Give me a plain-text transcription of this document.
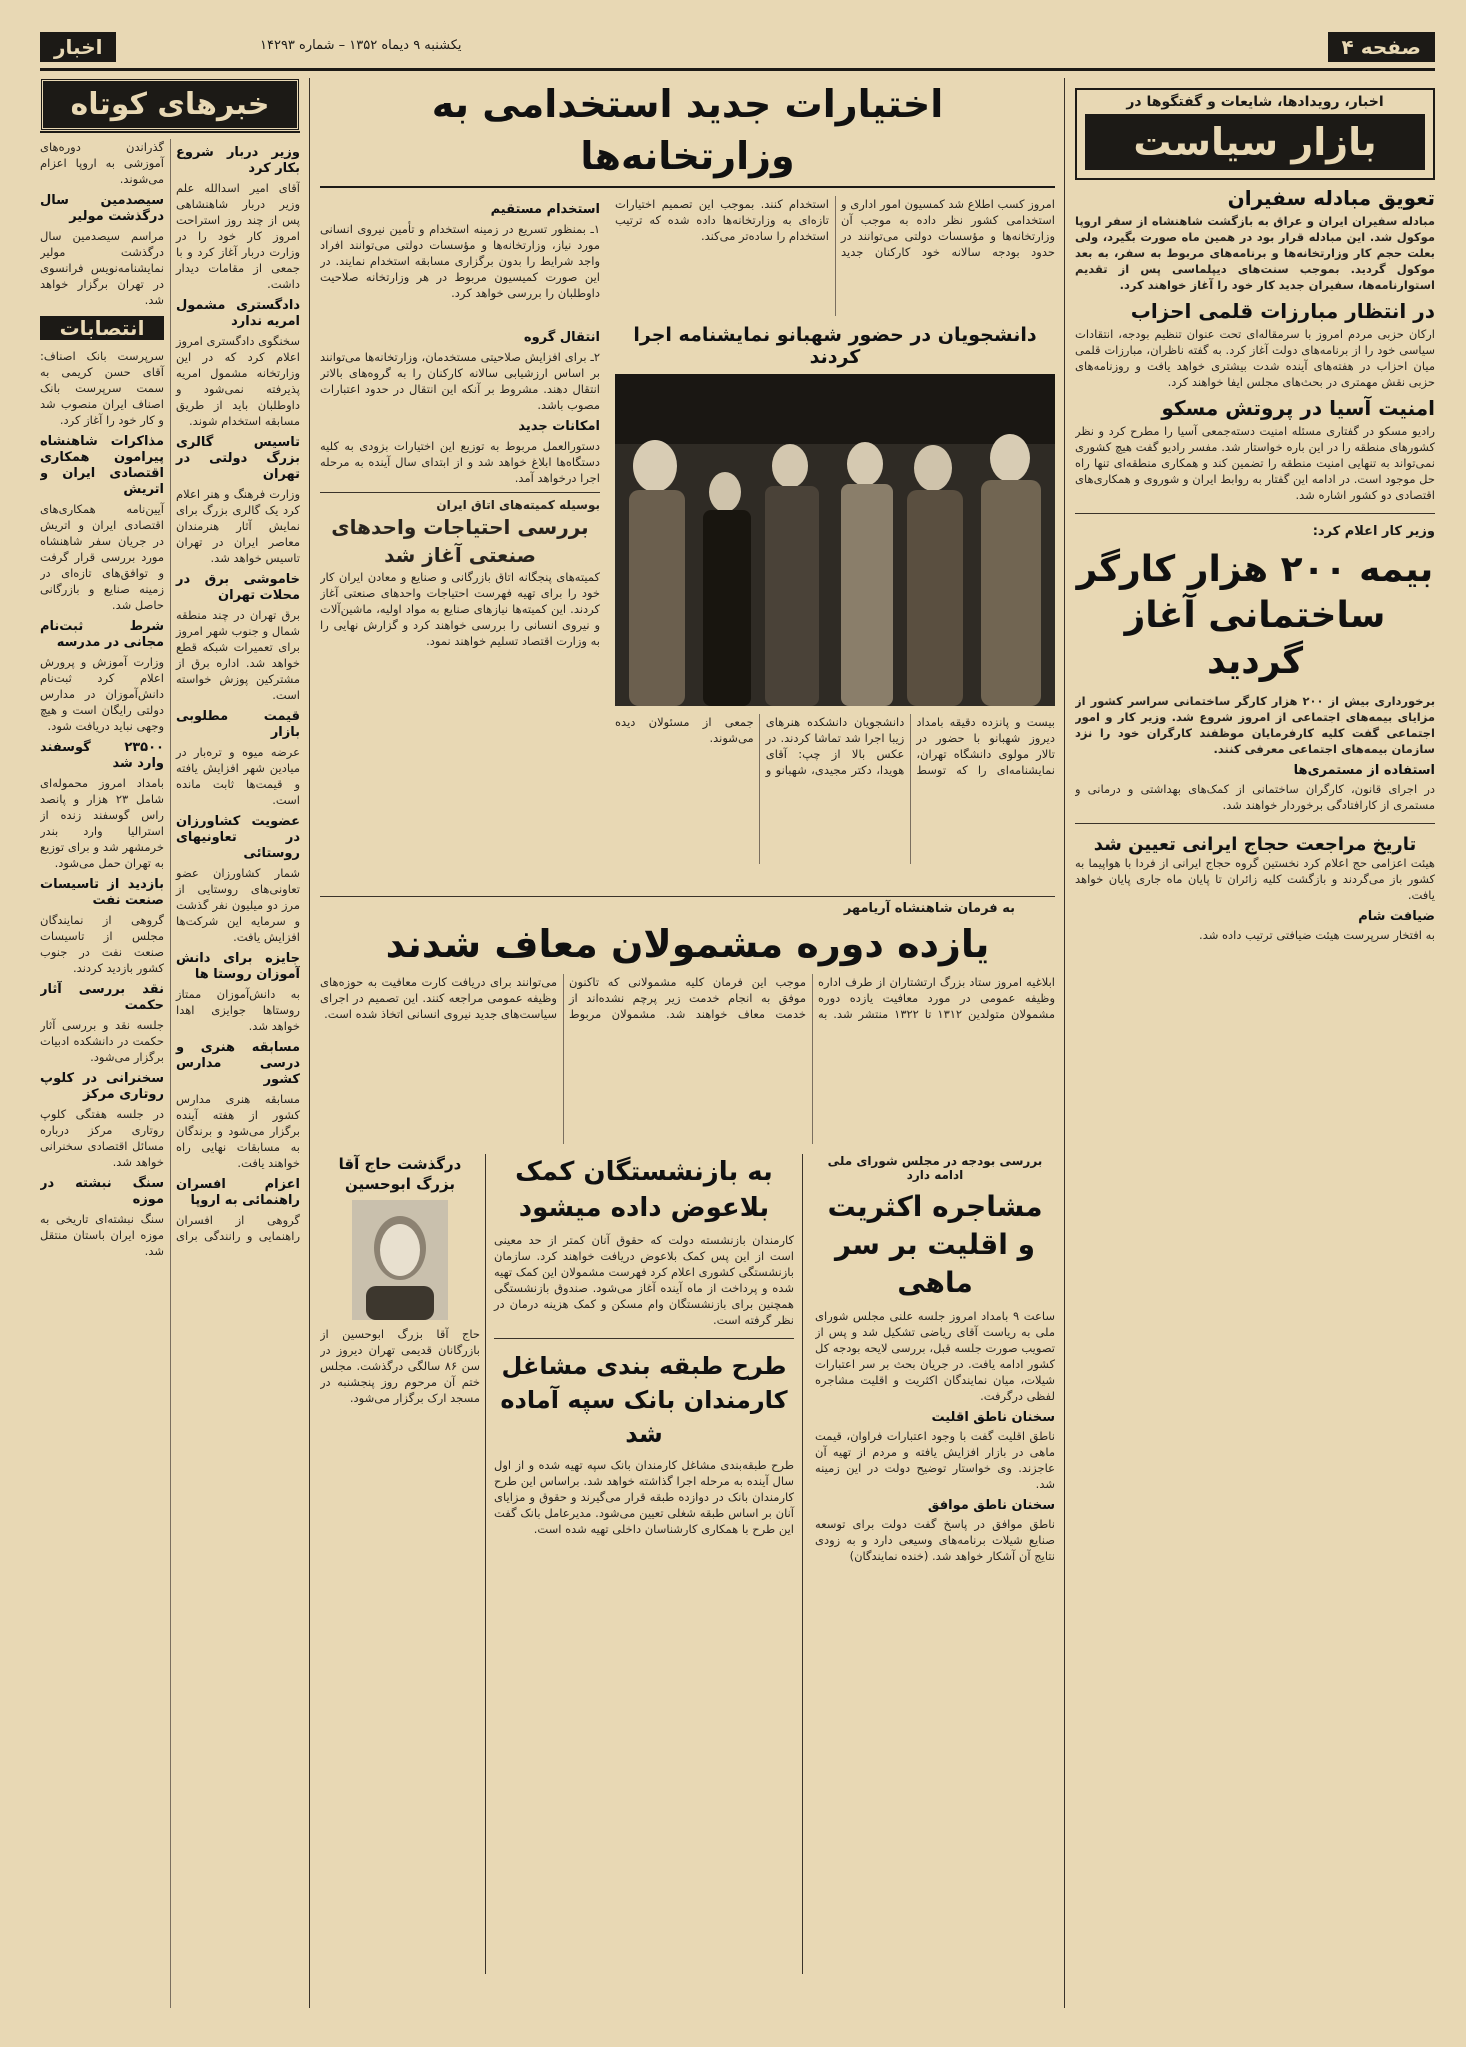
صفحه ۴
یکشنبه ۹ دیماه ۱۳۵۲ – شماره ۱۴۲۹۳
اخبار
اخبار، رویدادها، شایعات و گفتگوها در
بازار سیاست
تعویق مبادله سفیران
مبادله سفیران ایران و عراق به بازگشت شاهنشاه از سفر اروپا موکول شد. این مبادله قرار بود در همین ماه صورت بگیرد، ولی بعلت حجم کار وزارتخانه‌ها و برنامه‌های مربوط به سفر، به بعد موکول گردید. بموجب سنت‌های دیپلماسی پس از تقدیم استوارنامه‌ها، سفیران جدید کار خود را آغاز خواهند کرد.
در انتظار مبارزات قلمی احزاب
ارکان حزبی مردم امروز با سرمقاله‌ای تحت عنوان تنظیم بودجه، انتقادات سیاسی خود را از برنامه‌های دولت آغاز کرد. به گفته ناظران، مبارزات قلمی میان احزاب در هفته‌های آینده شدت بیشتری خواهد یافت و روزنامه‌های حزبی نقش مهمتری در بحث‌های مجلس ایفا خواهند کرد.
امنیت آسیا در پروتش مسکو
رادیو مسکو در گفتاری مسئله امنیت دسته‌جمعی آسیا را مطرح کرد و نظر کشورهای منطقه را در این باره خواستار شد. مفسر رادیو گفت هیچ کشوری نمی‌تواند به تنهایی امنیت منطقه را تضمین کند و همکاری منطقه‌ای تنها راه حل موجود است. در ادامه این گفتار به روابط ایران و شوروی و همکاری‌های اقتصادی دو کشور اشاره شد.
وزیر کار اعلام کرد:
بیمه ۲۰۰ هزار کارگر ساختمانی آغاز گردید
برخورداری بیش از ۲۰۰ هزار کارگر ساختمانی سراسر کشور از مزایای بیمه‌های اجتماعی از امروز شروع شد. وزیر کار و امور اجتماعی گفت کلیه کارفرمایان موظفند کارگران خود را نزد سازمان بیمه‌های اجتماعی معرفی کنند.
استفاده از مستمری‌ها
در اجرای قانون، کارگران ساختمانی از کمک‌های بهداشتی و درمانی و مستمری از کارافتادگی برخوردار خواهند شد.
تاریخ مراجعت حجاج ایرانی تعیین شد
هیئت اعزامی حج اعلام کرد نخستین گروه حجاج ایرانی از فردا با هواپیما به کشور باز می‌گردند و بازگشت کلیه زائران تا پایان ماه جاری پایان خواهد یافت.
ضیافت شام
به افتخار سرپرست هیئت ضیافتی ترتیب داده شد.
اختیارات جدید استخدامی به وزارتخانه‌ها

امروز کسب اطلاع شد کمسیون امور اداری و استخدامی کشور نظر داده به موجب آن وزارتخانه‌ها و مؤسسات دولتی می‌توانند در حدود بودجه سالانه خود کارکنان جدید استخدام کنند. بموجب این تصمیم اختیارات تازه‌ای به وزارتخانه‌ها داده شده که ترتیب استخدام را ساده‌تر می‌کند.

استخدام مستقیم

۱ـ بمنظور تسریع در زمینه استخدام و تأمین نیروی انسانی مورد نیاز، وزارتخانه‌ها و مؤسسات دولتی می‌توانند افراد واجد شرایط را بدون برگزاری مسابقه استخدام نمایند. در این صورت کمیسیون مربوط در هر وزارتخانه صلاحیت داوطلبان را بررسی خواهد کرد.

دانشجویان در حضور شهبانو نمایشنامه اجرا کردند

بیست و پانزده دقیقه بامداد دیروز شهبانو با حضور در تالار مولوی دانشگاه تهران، نمایشنامه‌ای را که توسط دانشجویان دانشکده هنرهای زیبا اجرا شد تماشا کردند. در عکس بالا از چپ: آقای هویدا، دکتر مجیدی، شهبانو و جمعی از مسئولان دیده می‌شوند.

انتقال گروه

۲ـ برای افزایش صلاحیتی مستخدمان، وزارتخانه‌ها می‌توانند بر اساس ارزشیابی سالانه کارکنان را به گروه‌های بالاتر انتقال دهند. مشروط بر آنکه این انتقال در حدود اعتبارات مصوب باشد.

امکانات جدید

دستورالعمل مربوط به توزیع این اختیارات بزودی به کلیه دستگاه‌ها ابلاغ خواهد شد و از ابتدای سال آینده به مرحله اجرا درخواهد آمد.

بوسیله کمیته‌های اتاق ایران
بررسی احتیاجات واحدهای صنعتی آغاز شد
کمیته‌های پنجگانه اتاق بازرگانی و صنایع و معادن ایران کار خود را برای تهیه فهرست احتیاجات واحدهای صنعتی آغاز کردند. این کمیته‌ها نیازهای صنایع به مواد اولیه، ماشین‌آلات و نیروی انسانی را بررسی خواهند کرد و گزارش نهایی را به وزارت اقتصاد تسلیم خواهند نمود.
به فرمان شاهنشاه آریامهر
یازده دوره مشمولان معاف شدند

ابلاغیه امروز ستاد بزرگ ارتشتاران از طرف اداره وظیفه عمومی در مورد معافیت یازده دوره مشمولان متولدین ۱۳۱۲ تا ۱۳۲۲ منتشر شد. به موجب این فرمان کلیه مشمولانی که تاکنون موفق به انجام خدمت زیر پرچم نشده‌اند از خدمت معاف خواهند شد. مشمولان مربوط می‌توانند برای دریافت کارت معافیت به حوزه‌های وظیفه عمومی مراجعه کنند. این تصمیم در اجرای سیاست‌های جدید نیروی انسانی اتخاذ شده است.

بررسی بودجه در مجلس شورای ملی ادامه دارد
مشاجره اکثریت و اقلیت بر سر ماهی
ساعت ۹ بامداد امروز جلسه علنی مجلس شورای ملی به ریاست آقای ریاضی تشکیل شد و پس از تصویب صورت جلسه قبل، بررسی لایحه بودجه کل کشور ادامه یافت. در جریان بحث بر سر اعتبارات شیلات، میان نمایندگان اکثریت و اقلیت مشاجره لفظی درگرفت.
سخنان ناطق اقلیت
ناطق اقلیت گفت با وجود اعتبارات فراوان، قیمت ماهی در بازار افزایش یافته و مردم از تهیه آن عاجزند. وی خواستار توضیح دولت در این زمینه شد.
سخنان ناطق موافق
ناطق موافق در پاسخ گفت دولت برای توسعه صنایع شیلات برنامه‌های وسیعی دارد و به زودی نتایج آن آشکار خواهد شد. (خنده نمایندگان)
به بازنشستگان کمک بلاعوض داده میشود
کارمندان بازنشسته دولت که حقوق آنان کمتر از حد معینی است از این پس کمک بلاعوض دریافت خواهند کرد. سازمان بازنشستگی کشوری اعلام کرد فهرست مشمولان این کمک تهیه شده و پرداخت از ماه آینده آغاز می‌شود. صندوق بازنشستگی همچنین برای بازنشستگان وام مسکن و کمک هزینه درمان در نظر گرفته است.
طرح طبقه بندی مشاغل کارمندان بانک سپه آماده شد
طرح طبقه‌بندی مشاغل کارمندان بانک سپه تهیه شده و از اول سال آینده به مرحله اجرا گذاشته خواهد شد. براساس این طرح کارمندان بانک در دوازده طبقه قرار می‌گیرند و حقوق و مزایای آنان بر اساس طبقه شغلی تعیین می‌شود. مدیرعامل بانک گفت این طرح با همکاری کارشناسان داخلی تهیه شده است.
درگذشت حاج آقا بزرگ ابوحسین
حاج آقا بزرگ ابوحسین از بازرگانان قدیمی تهران دیروز در سن ۸۶ سالگی درگذشت. مجلس ختم آن مرحوم روز پنجشنبه در مسجد ارک برگزار می‌شود.
خبرهای کوتاه
وزیر دربار شروع بکار کرد

آقای امیر اسدالله علم وزیر دربار شاهنشاهی پس از چند روز استراحت امروز کار خود را در وزارت دربار آغاز کرد و با جمعی از مقامات دیدار داشت.

دادگستری مشمول امریه ندارد

سخنگوی دادگستری امروز اعلام کرد که در این وزارتخانه مشمول امریه پذیرفته نمی‌شود و داوطلبان باید از طریق مسابقه استخدام شوند.

تاسیس گالری بزرگ دولتی در تهران

وزارت فرهنگ و هنر اعلام کرد یک گالری بزرگ برای نمایش آثار هنرمندان معاصر ایران در تهران تاسیس خواهد شد.

خاموشی برق در محلات تهران

برق تهران در چند منطقه شمال و جنوب شهر امروز برای تعمیرات شبکه قطع خواهد شد. اداره برق از مشترکین پوزش خواسته است.

قیمت مطلوبی بازار

عرضه میوه و تره‌بار در میادین شهر افزایش یافته و قیمت‌ها ثابت مانده است.

عضویت کشاورزان در تعاونیهای روستائی

شمار کشاورزان عضو تعاونی‌های روستایی از مرز دو میلیون نفر گذشت و سرمایه این شرکت‌ها افزایش یافت.

جایزه برای دانش آموزان روستا ها

به دانش‌آموزان ممتاز روستاها جوایزی اهدا خواهد شد.

مسابقه هنری و درسی مدارس کشور

مسابقه هنری مدارس کشور از هفته آینده برگزار می‌شود و برندگان به مسابقات نهایی راه خواهند یافت.

اعزام افسران راهنمائی به اروپا

گروهی از افسران راهنمایی و رانندگی برای گذراندن دوره‌های آموزشی به اروپا اعزام می‌شوند.

سیصدمین سال درگذشت مولیر

مراسم سیصدمین سال درگذشت مولیر نمایشنامه‌نویس فرانسوی در تهران برگزار خواهد شد.

انتصابات

سرپرست بانک اصناف: آقای حسن کریمی به سمت سرپرست بانک اصناف ایران منصوب شد و کار خود را آغاز کرد.

مذاکرات شاهنشاه پیرامون همکاری اقتصادی ایران و اتریش

آیین‌نامه همکاری‌های اقتصادی ایران و اتریش در جریان سفر شاهنشاه مورد بررسی قرار گرفت و توافق‌های تازه‌ای در زمینه صنایع و بازرگانی حاصل شد.

شرط ثبت‌نام مجانی در مدرسه

وزارت آموزش و پرورش اعلام کرد ثبت‌نام دانش‌آموزان در مدارس دولتی رایگان است و هیچ وجهی نباید دریافت شود.

۲۳۵۰۰ گوسفند وارد شد

بامداد امروز محموله‌ای شامل ۲۳ هزار و پانصد راس گوسفند زنده از استرالیا وارد بندر خرمشهر شد و برای توزیع به تهران حمل می‌شود.

بازدید از تاسیسات صنعت نفت

گروهی از نمایندگان مجلس از تاسیسات صنعت نفت در جنوب کشور بازدید کردند.

نقد بررسی آثار حکمت

جلسه نقد و بررسی آثار حکمت در دانشکده ادبیات برگزار می‌شود.

سخنرانی در کلوپ روتاری مرکز

در جلسه هفتگی کلوپ روتاری مرکز درباره مسائل اقتصادی سخنرانی خواهد شد.

سنگ نبشته در موزه

سنگ نبشته‌ای تاریخی به موزه ایران باستان منتقل شد.
